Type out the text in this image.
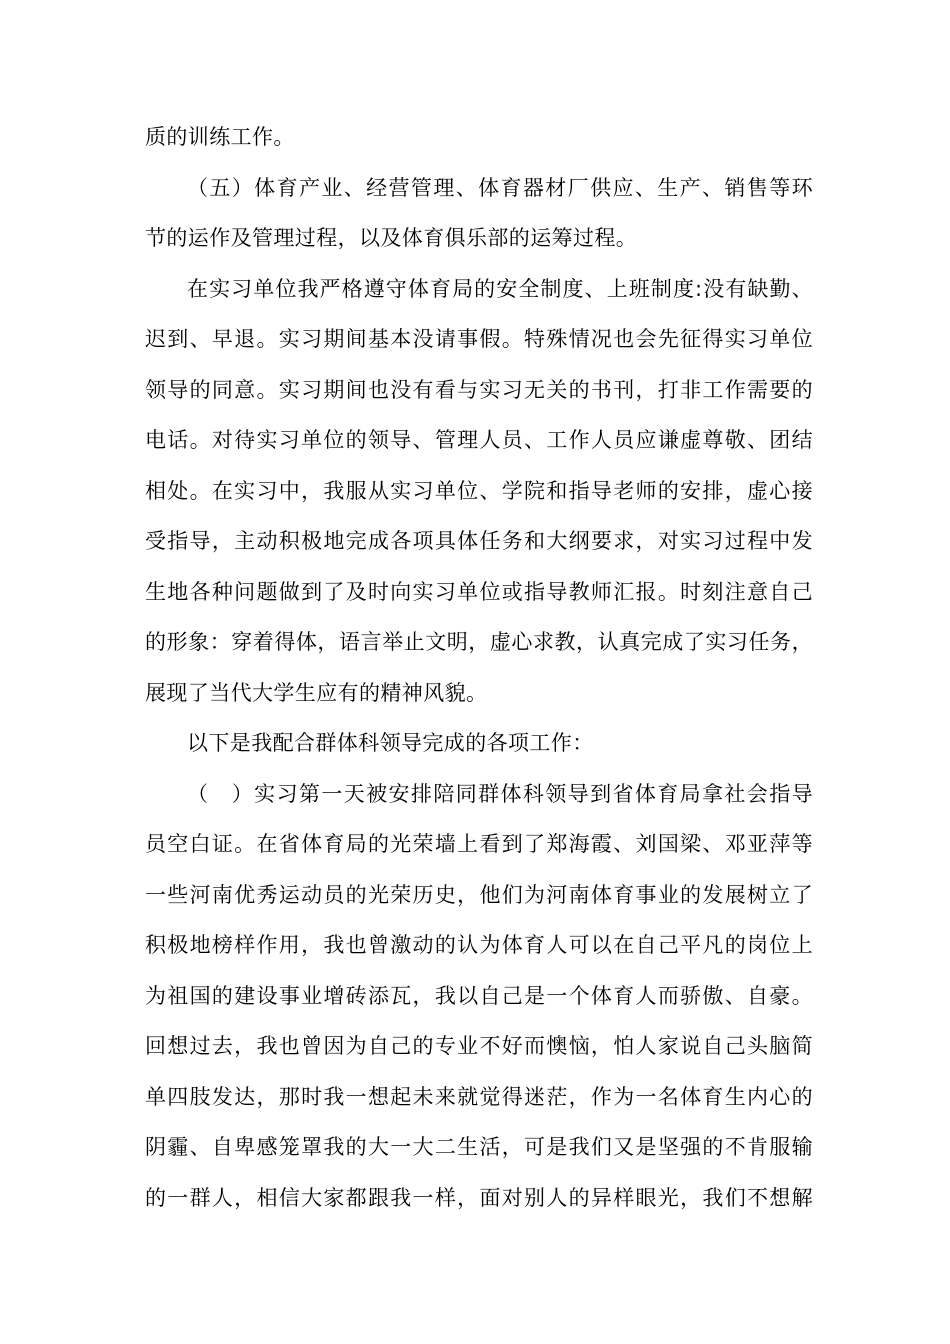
质的训练工作。
（五）体育产业、经营管理、体育器材厂供应、生产、销售等环
节的运作及管理过程，以及体育俱乐部的运筹过程。
在实习单位我严格遵守体育局的安全制度、上班制度:没有缺勤、
迟到、早退。实习期间基本没请事假。特殊情况也会先征得实习单位
领导的同意。实习期间也没有看与实习无关的书刊，打非工作需要的
电话。对待实习单位的领导、管理人员、工作人员应谦虚尊敬、团结
相处。在实习中，我服从实习单位、学院和指导老师的安排，虚心接
受指导，主动积极地完成各项具体任务和大纲要求，对实习过程中发
生地各种问题做到了及时向实习单位或指导教师汇报。时刻注意自己
的形象：穿着得体，语言举止文明，虚心求教，认真完成了实习任务，
展现了当代大学生应有的精神风貌。
以下是我配合群体科领导完成的各项工作：
（　）实习第一天被安排陪同群体科领导到省体育局拿社会指导
员空白证。在省体育局的光荣墙上看到了郑海霞、刘国梁、邓亚萍等
一些河南优秀运动员的光荣历史，他们为河南体育事业的发展树立了
积极地榜样作用，我也曾激动的认为体育人可以在自己平凡的岗位上
为祖国的建设事业增砖添瓦，我以自己是一个体育人而骄傲、自豪。
回想过去，我也曾因为自己的专业不好而懊恼，怕人家说自己头脑简
单四肢发达，那时我一想起未来就觉得迷茫，作为一名体育生内心的
阴霾、自卑感笼罩我的大一大二生活，可是我们又是坚强的不肯服输
的一群人，相信大家都跟我一样，面对别人的异样眼光，我们不想解
